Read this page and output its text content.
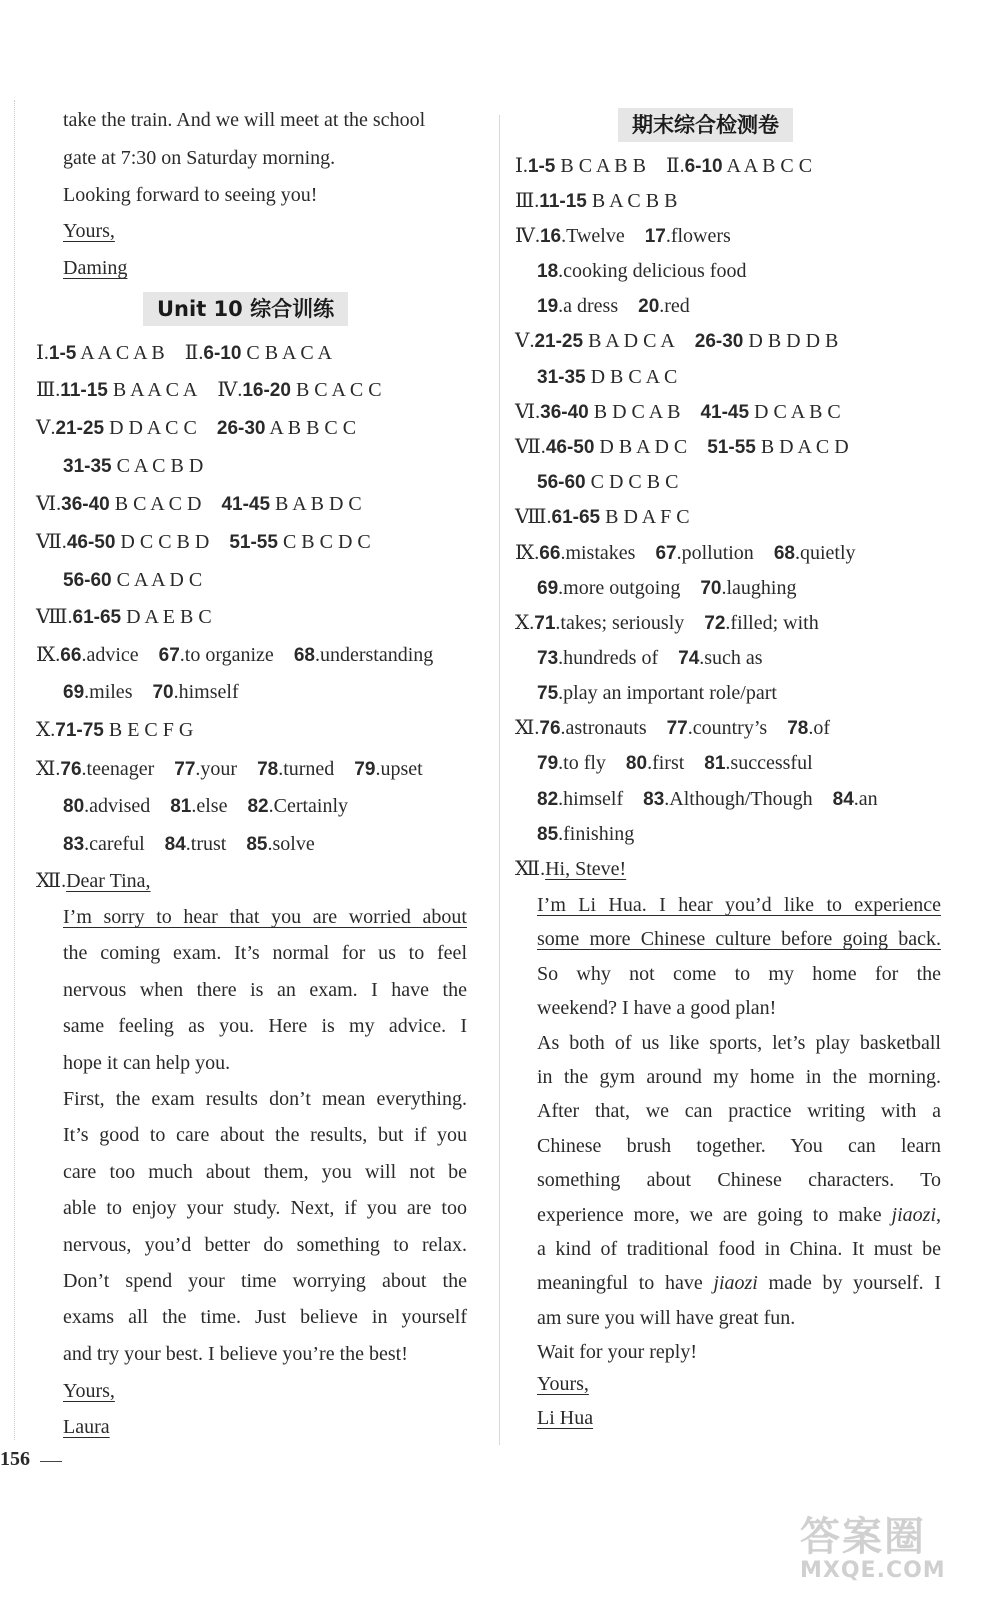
take the train. And we will meet at the school
gate at 7:30 on Saturday morning.
Looking forward to seeing you!
Yours,
Daming
Unit 10 综合训练
Ⅰ.1-5 A A C A B Ⅱ.6-10 C B A C A
Ⅲ.11-15 B A A C A Ⅳ.16-20 B C A C C
Ⅴ.21-25 D D A C C 26-30 A B B C C
31-35 C A C B D
Ⅵ.36-40 B C A C D 41-45 B A B D C
Ⅶ.46-50 D C C B D 51-55 C B C D C
56-60 C A A D C
Ⅷ.61-65 D A E B C
Ⅸ.66.advice 67.to organize 68.understanding
69.miles 70.himself
Ⅹ.71-75 B E C F G
Ⅺ.76.teenager 77.your 78.turned 79.upset
80.advised 81.else 82.Certainly
83.careful 84.trust 85.solve
Ⅻ.Dear Tina,
I’m sorry to hear that you are worried about
the coming exam. It’s normal for us to feel
nervous when there is an exam. I have the
same feeling as you. Here is my advice. I
hope it can help you.
First, the exam results don’t mean everything.
It’s good to care about the results, but if you
care too much about them, you will not be
able to enjoy your study. Next, if you are too
nervous, you’d better do something to relax.
Don’t spend your time worrying about the
exams all the time. Just believe in yourself
and try your best. I believe you’re the best!
Yours,
Laura
期末综合检测卷
Ⅰ.1-5 B C A B B Ⅱ.6-10 A A B C C
Ⅲ.11-15 B A C B B
Ⅳ.16.Twelve 17.flowers
18.cooking delicious food
19.a dress 20.red
Ⅴ.21-25 B A D C A 26-30 D B D D B
31-35 D B C A C
Ⅵ.36-40 B D C A B 41-45 D C A B C
Ⅶ.46-50 D B A D C 51-55 B D A C D
56-60 C D C B C
Ⅷ.61-65 B D A F C
Ⅸ.66.mistakes 67.pollution 68.quietly
69.more outgoing 70.laughing
Ⅹ.71.takes; seriously 72.filled; with
73.hundreds of 74.such as
75.play an important role/part
Ⅺ.76.astronauts 77.country’s 78.of
79.to fly 80.first 81.successful
82.himself 83.Although/Though 84.an
85.finishing
Ⅻ.Hi, Steve!
I’m Li Hua. I hear you’d like to experience
some more Chinese culture before going back.
So why not come to my home for the
weekend? I have a good plan!
As both of us like sports, let’s play basketball
in the gym around my home in the morning.
After that, we can practice writing with a
Chinese brush together. You can learn
something about Chinese characters. To
experience more, we are going to make jiaozi,
a kind of traditional food in China. It must be
meaningful to have jiaozi made by yourself. I
am sure you will have great fun.
Wait for your reply!
Yours,
Li Hua
156
答案圈
MXQE.COM
